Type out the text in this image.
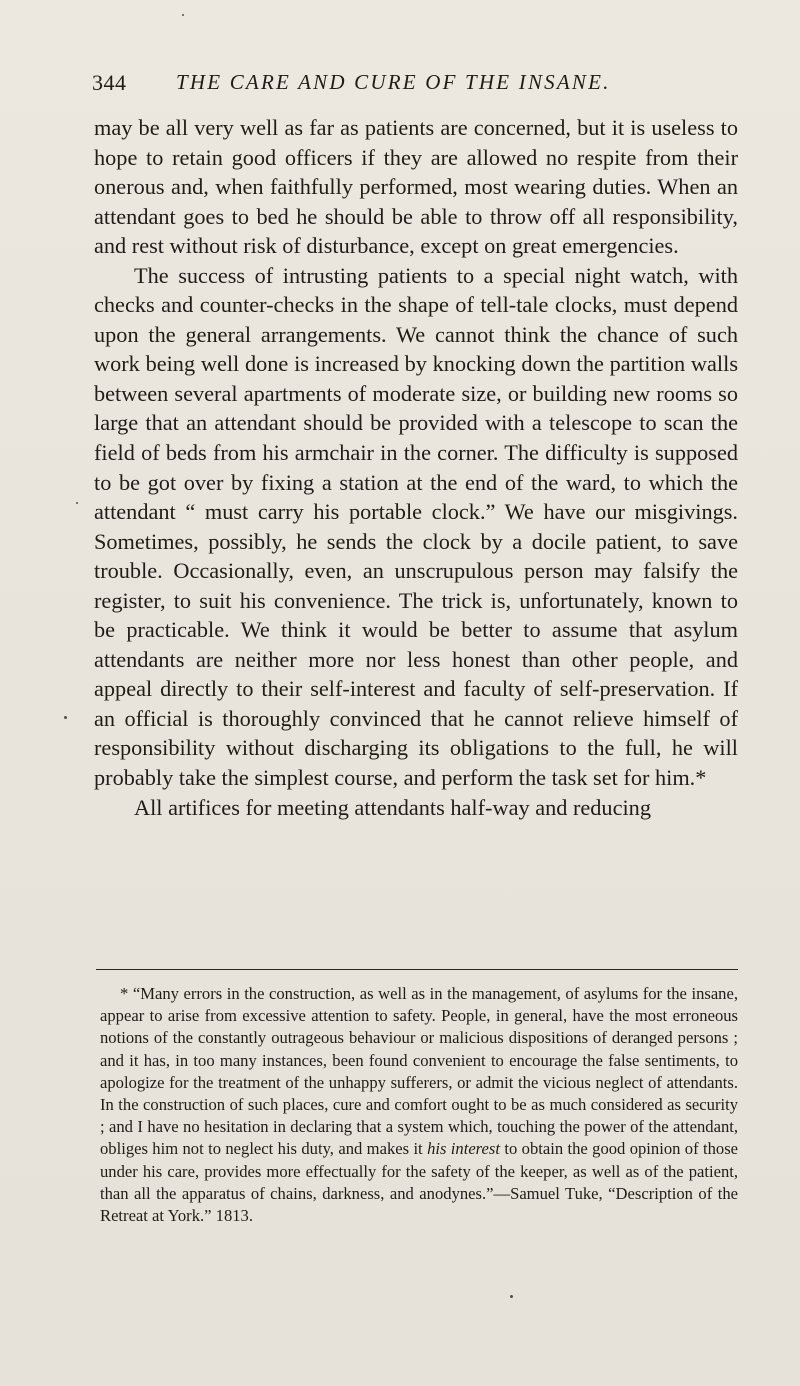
344 THE CARE AND CURE OF THE INSANE.

may be all very well as far as patients are concerned, but it is useless to hope to retain good officers if they are allowed no respite from their onerous and, when faithfully performed, most wearing duties. When an attendant goes to bed he should be able to throw off all responsibility, and rest without risk of disturbance, except on great emergencies.

The success of intrusting patients to a special night watch, with checks and counter-checks in the shape of tell-tale clocks, must depend upon the general arrangements. We cannot think the chance of such work being well done is increased by knocking down the partition walls between several apartments of moderate size, or building new rooms so large that an attendant should be provided with a telescope to scan the field of beds from his armchair in the corner. The difficulty is supposed to be got over by fixing a station at the end of the ward, to which the attendant “ must carry his portable clock.” We have our misgivings. Sometimes, possibly, he sends the clock by a docile patient, to save trouble. Occasionally, even, an unscrupulous person may falsify the register, to suit his convenience. The trick is, unfortunately, known to be practicable. We think it would be better to assume that asylum attendants are neither more nor less honest than other people, and appeal directly to their self-interest and faculty of self-preservation. If an official is thoroughly convinced that he cannot relieve himself of responsibility without discharging its obligations to the full, he will probably take the simplest course, and perform the task set for him.*

All artifices for meeting attendants half-way and reducing

* “Many errors in the construction, as well as in the management, of asylums for the insane, appear to arise from excessive attention to safety. People, in general, have the most erroneous notions of the constantly outrageous behaviour or malicious dispositions of deranged persons ; and it has, in too many instances, been found convenient to encourage the false sentiments, to apologize for the treatment of the unhappy sufferers, or admit the vicious neglect of attendants. In the construction of such places, cure and comfort ought to be as much considered as security ; and I have no hesitation in declaring that a system which, touching the power of the attendant, obliges him not to neglect his duty, and makes it his interest to obtain the good opinion of those under his care, provides more effectually for the safety of the keeper, as well as of the patient, than all the apparatus of chains, darkness, and anodynes.”—Samuel Tuke, “Description of the Retreat at York.” 1813.
